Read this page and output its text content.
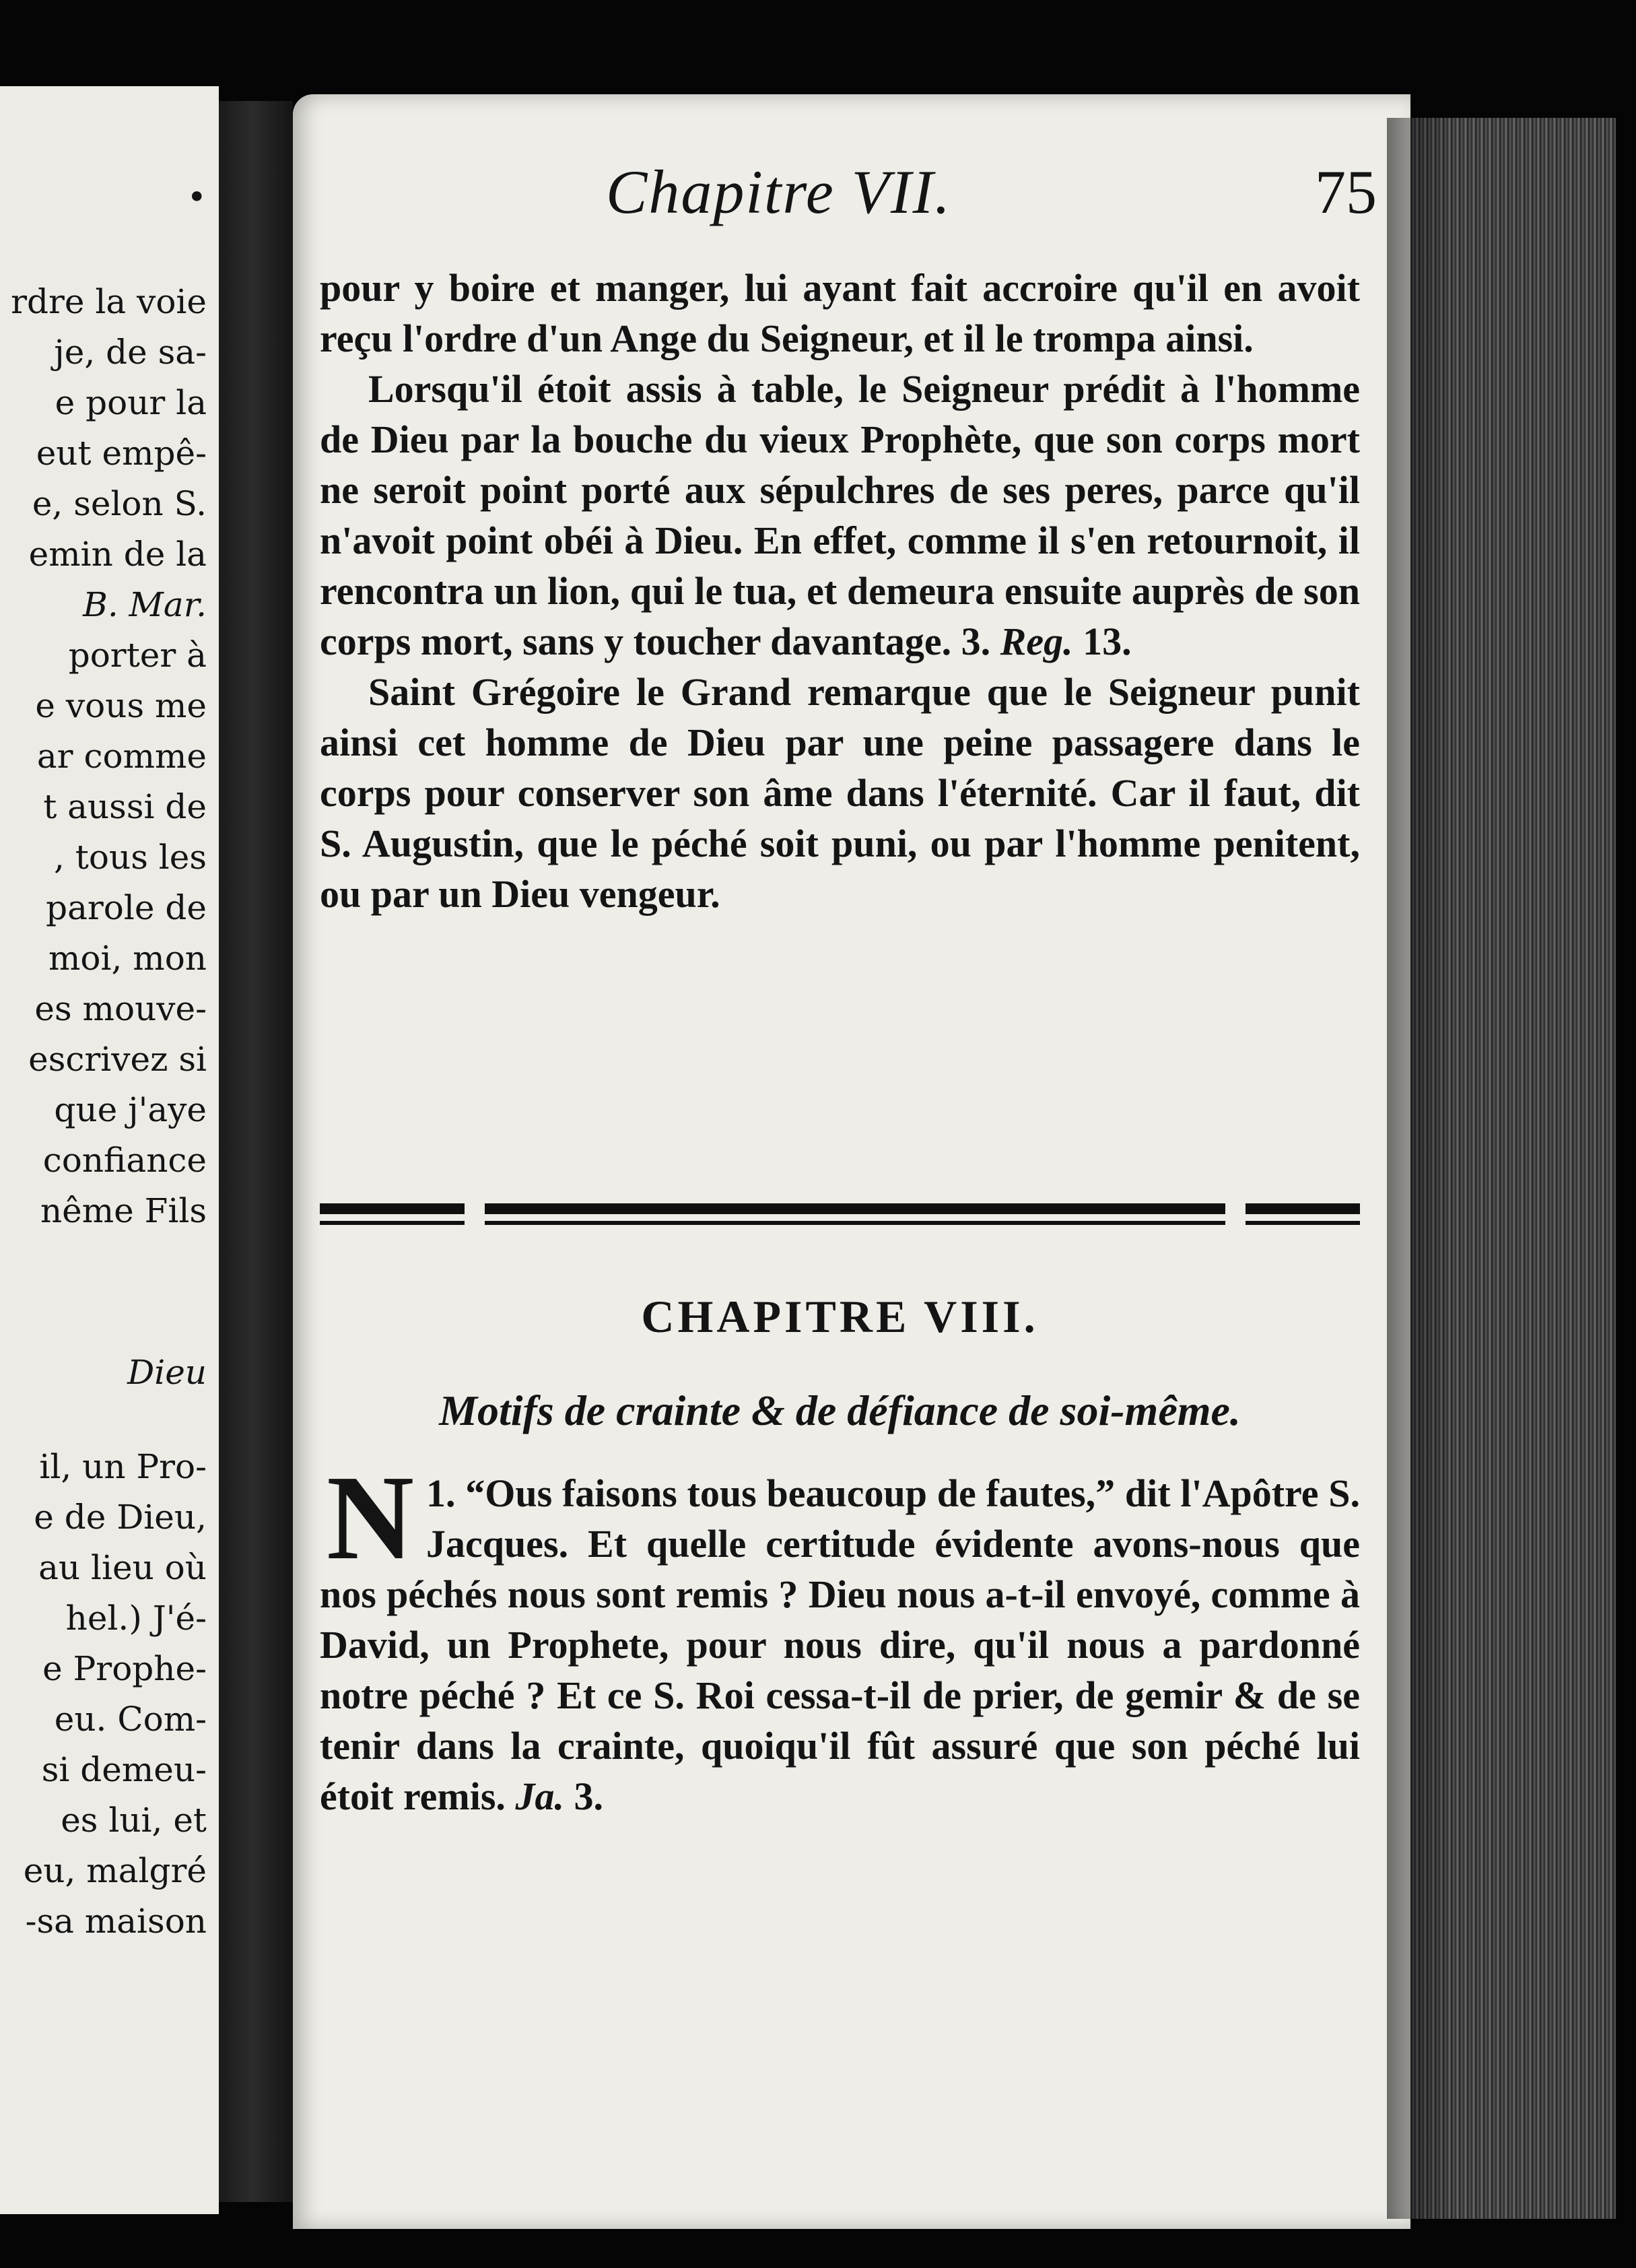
•
rdre la voie
je, de sa-
e pour la
eut empê-
e, selon S.
emin de la
B. Mar.
porter à
e vous me
ar comme
t aussi de
, tous les
parole de
moi, mon
es mouve-
escrivez si
que j'aye
confiance
nême Fils
Dieu
il, un Pro-
e de Dieu,
au lieu où
hel.) J'é-
e Prophe-
eu. Com-
si demeu-
es lui, et
eu, malgré
-sa maison
Chapitre VII.	75

pour y boire et manger, lui ayant fait accroire qu'il en avoit reçu l'ordre d'un Ange du Seigneur, et il le trompa ainsi.

Lorsqu'il étoit assis à table, le Seigneur prédit à l'homme de Dieu par la bouche du vieux Prophète, que son corps mort ne seroit point porté aux sépulchres de ses peres, parce qu'il n'avoit point obéi à Dieu. En effet, comme il s'en retournoit, il rencontra un lion, qui le tua, et demeura ensuite auprès de son corps mort, sans y toucher davantage. 3. Reg. 13.

Saint Grégoire le Grand remarque que le Seigneur punit ainsi cet homme de Dieu par une peine passagere dans le corps pour conserver son âme dans l'éternité. Car il faut, dit S. Augustin, que le péché soit puni, ou par l'homme penitent, ou par un Dieu vengeur.

CHAPITRE VIII.
Motifs de crainte & de défiance de soi-même.
1. “
N Ous faisons tous beaucoup de fautes,” dit l'Apôtre S. Jacques. Et quelle certitude évidente avons-nous que nos péchés nous sont remis ? Dieu nous a-t-il envoyé, comme à David, un Prophete, pour nous dire, qu'il nous a pardonné notre péché ? Et ce S. Roi cessa-t-il de prier, de gemir & de se tenir dans la crainte, quoiqu'il fût assuré que son péché lui étoit remis. Ja. 3.
